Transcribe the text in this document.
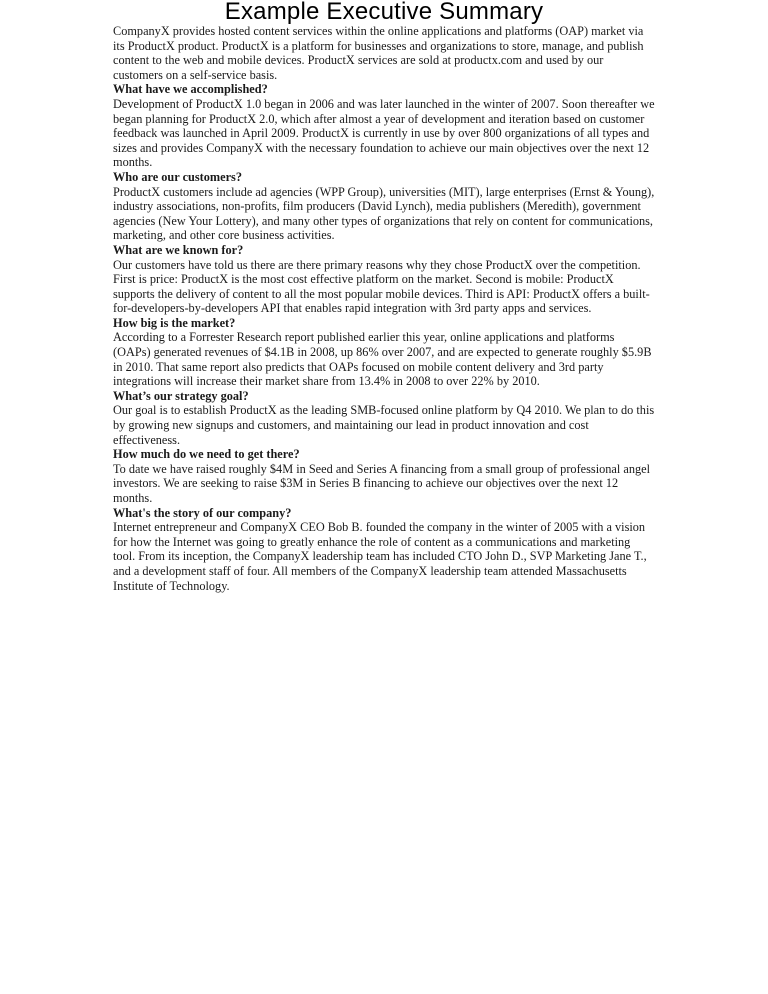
Example Executive Summary

CompanyX provides hosted content services within the online applications and platforms (OAP) market via its ProductX product. ProductX is a platform for businesses and organizations to store, manage, and publish content to the web and mobile devices. ProductX services are sold at productx.com and used by our customers on a self-service basis.

What have we accomplished?

Development of ProductX 1.0 began in 2006 and was later launched in the winter of 2007. Soon thereafter we began planning for ProductX 2.0, which after almost a year of development and iteration based on customer feedback was launched in April 2009. ProductX is currently in use by over 800 organizations of all types and sizes and provides CompanyX with the necessary foundation to achieve our main objectives over the next 12 months.

Who are our customers?

ProductX customers include ad agencies (WPP Group), universities (MIT), large enterprises (Ernst & Young), industry associations, non-profits, film producers (David Lynch), media publishers (Meredith), government agencies (New Your Lottery), and many other types of organizations that rely on content for communications, marketing, and other core business activities.

What are we known for?

Our customers have told us there are there primary reasons why they chose ProductX over the competition. First is price: ProductX is the most cost effective platform on the market. Second is mobile: ProductX supports the delivery of content to all the most popular mobile devices. Third is API: ProductX offers a built-for-developers-by-developers API that enables rapid integration with 3rd party apps and services.

How big is the market?

According to a Forrester Research report published earlier this year, online applications and platforms (OAPs) generated revenues of $4.1B in 2008, up 86% over 2007, and are expected to generate roughly $5.9B in 2010. That same report also predicts that OAPs focused on mobile content delivery and 3rd party integrations will increase their market share from 13.4% in 2008 to over 22% by 2010.

What’s our strategy goal?

Our goal is to establish ProductX as the leading SMB-focused online platform by Q4 2010. We plan to do this by growing new signups and customers, and maintaining our lead in product innovation and cost effectiveness.

How much do we need to get there?

To date we have raised roughly $4M in Seed and Series A financing from a small group of professional angel investors. We are seeking to raise $3M in Series B financing to achieve our objectives over the next 12 months.

What's the story of our company?

Internet entrepreneur and CompanyX CEO Bob B. founded the company in the winter of 2005 with a vision for how the Internet was going to greatly enhance the role of content as a communications and marketing tool. From its inception, the CompanyX leadership team has included CTO John D., SVP Marketing Jane T., and a development staff of four. All members of the CompanyX leadership team attended Massachusetts Institute of Technology.
